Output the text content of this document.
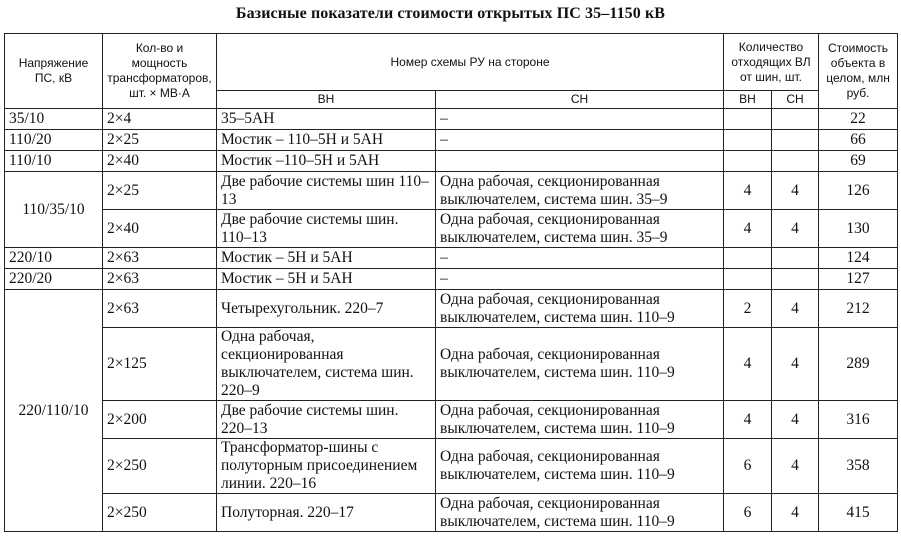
Базисные показатели стоимости открытых ПС 35–1150 кВ
Напряжение ПС, кВ	Кол-во и мощность трансформаторов, шт. × МВ·А	Номер схемы РУ на стороне		Количество отходящих ВЛ от шин, шт.		Стоимость объекта в целом, млн руб.
		ВН	СН	ВН	СН	
35/10	2×4	35–5АН	–			22
110/20	2×25	Мостик – 110–5Н и 5АН	–			66
110/10	2×40	Мостик –110–5Н и 5АН				69
110/35/10	2×25	Две рабочие системы шин 110–13	Одна рабочая, секционированная выключателем, система шин. 35–9	4	4	126
	2×40	Две рабочие системы шин. 110–13	Одна рабочая, секционированная выключателем, система шин. 35–9	4	4	130
220/10	2×63	Мостик – 5Н и 5АН	–			124
220/20	2×63	Мостик – 5Н и 5АН	–			127
220/110/10	2×63	Четырехугольник. 220–7	Одна рабочая, секционированная выключателем, система шин. 110–9	2	4	212
	2×125	Одна рабочая, секционированная выключателем, система шин. 220–9	Одна рабочая, секционированная выключателем, система шин. 110–9	4	4	289
	2×200	Две рабочие системы шин. 220–13	Одна рабочая, секционированная выключателем, система шин. 110–9	4	4	316
	2×250	Трансформатор-шины с полуторным присоединением линии. 220–16	Одна рабочая, секционированная выключателем, система шин. 110–9	6	4	358
	2×250	Полуторная. 220–17	Одна рабочая, секционированная выключателем, система шин. 110–9	6	4	415
